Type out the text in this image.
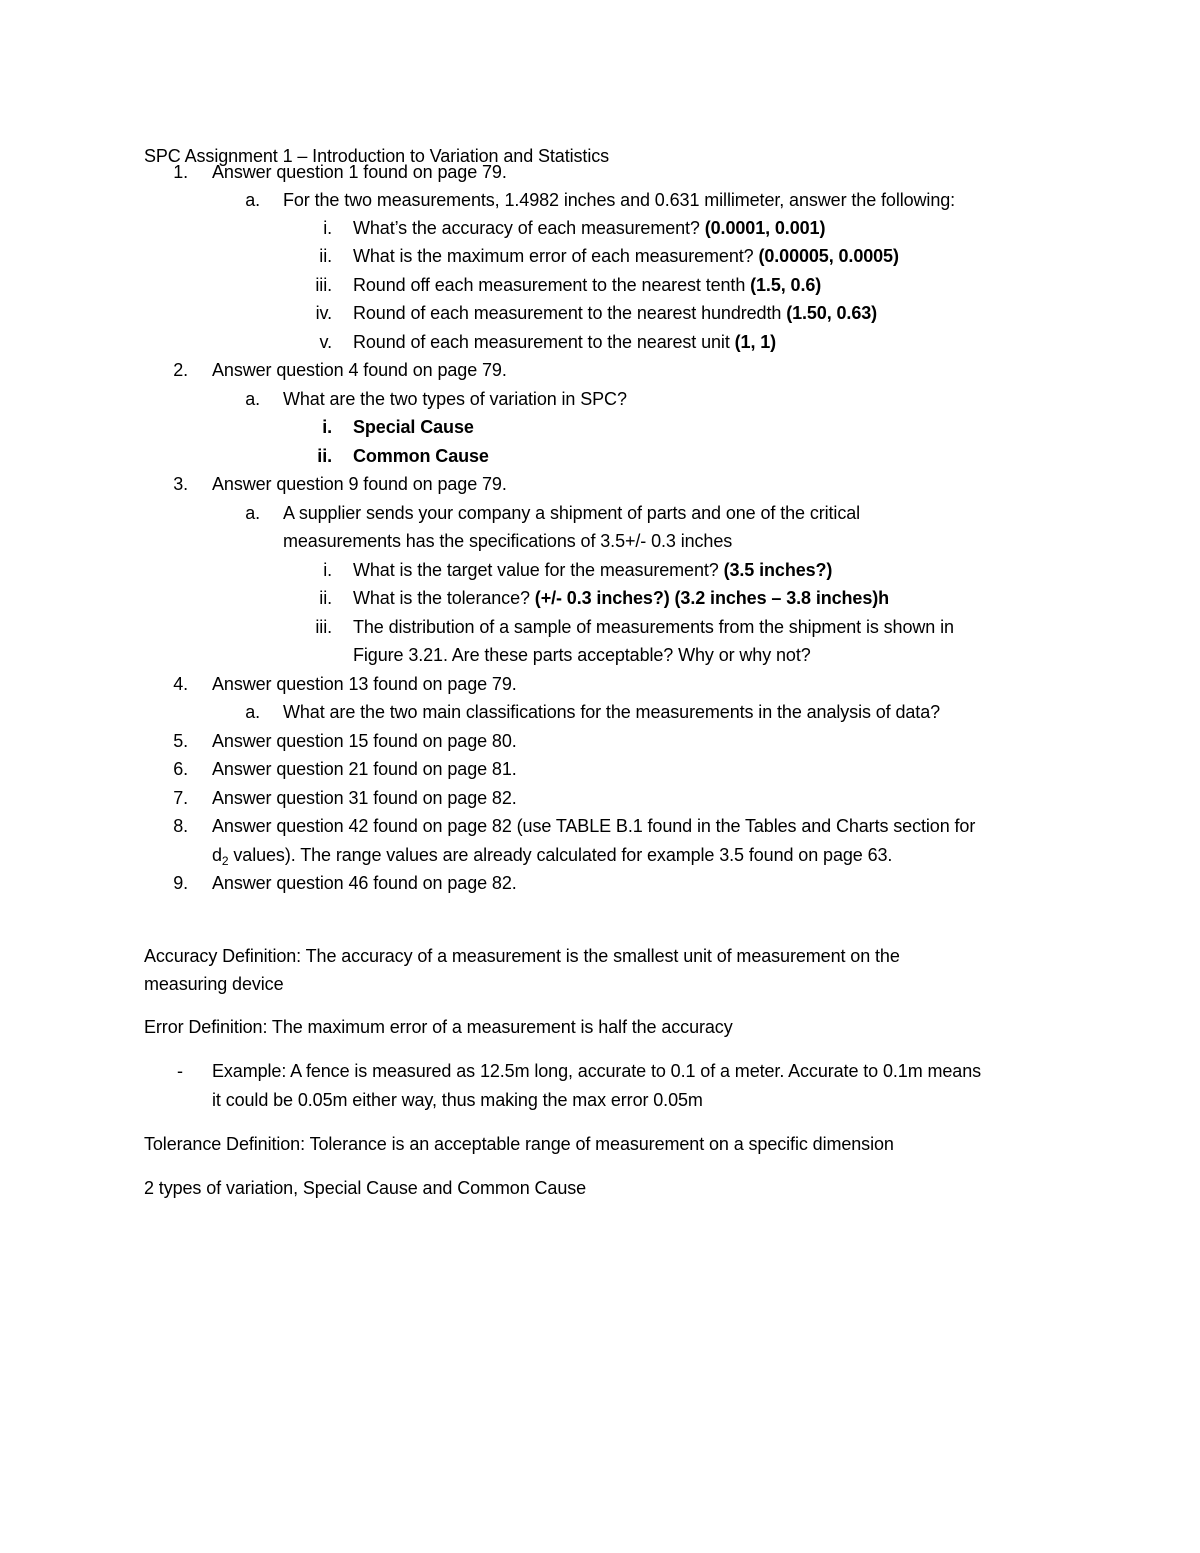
SPC Assignment 1 – Introduction to Variation and Statistics
1. Answer question 1 found on page 79.
a. For the two measurements, 1.4982 inches and 0.631 millimeter, answer the following:
i. What’s the accuracy of each measurement? (0.0001, 0.001)
ii. What is the maximum error of each measurement? (0.00005, 0.0005)
iii. Round off each measurement to the nearest tenth (1.5, 0.6)
iv. Round of each measurement to the nearest hundredth (1.50, 0.63)
v. Round of each measurement to the nearest unit (1, 1)
2. Answer question 4 found on page 79.
a. What are the two types of variation in SPC?
i. Special Cause
ii. Common Cause
3. Answer question 9 found on page 79.
a. A supplier sends your company a shipment of parts and one of the critical
measurements has the specifications of 3.5+/- 0.3 inches
i. What is the target value for the measurement? (3.5 inches?)
ii. What is the tolerance? (+/- 0.3 inches?) (3.2 inches – 3.8 inches)h
iii. The distribution of a sample of measurements from the shipment is shown in
Figure 3.21. Are these parts acceptable? Why or why not?
4. Answer question 13 found on page 79.
a. What are the two main classifications for the measurements in the analysis of data?
5. Answer question 15 found on page 80.
6. Answer question 21 found on page 81.
7. Answer question 31 found on page 82.
8. Answer question 42 found on page 82 (use TABLE B.1 found in the Tables and Charts section for
$d_2$ values). The range values are already calculated for example 3.5 found on page 63.
9. Answer question 46 found on page 82.
Accuracy Definition: The accuracy of a measurement is the smallest unit of measurement on the
measuring device
Error Definition: The maximum error of a measurement is half the accuracy
- Example: A fence is measured as 12.5m long, accurate to 0.1 of a meter. Accurate to 0.1m means
it could be 0.05m either way, thus making the max error 0.05m
Tolerance Definition: Tolerance is an acceptable range of measurement on a specific dimension
2 types of variation, Special Cause and Common Cause
